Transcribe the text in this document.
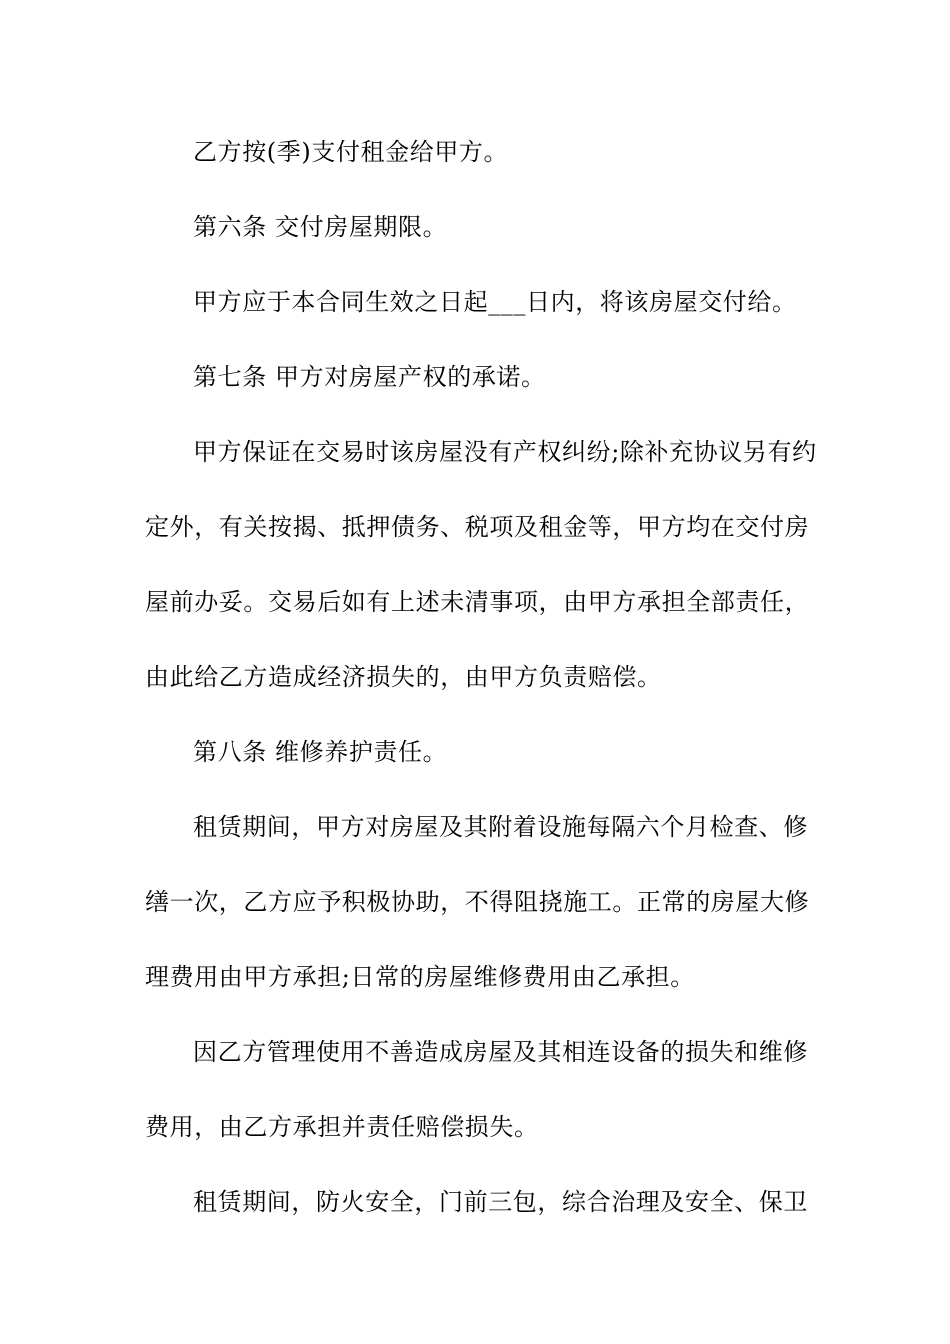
乙方按(季)支付租金给甲方。
第六条 交付房屋期限。
甲方应于本合同生效之日起___日内，将该房屋交付给。
第七条 甲方对房屋产权的承诺。
甲方保证在交易时该房屋没有产权纠纷;除补充协议另有约
定外，有关按揭、抵押债务、税项及租金等，甲方均在交付房
屋前办妥。交易后如有上述未清事项，由甲方承担全部责任，
由此给乙方造成经济损失的，由甲方负责赔偿。
第八条 维修养护责任。
租赁期间，甲方对房屋及其附着设施每隔六个月检查、修
缮一次，乙方应予积极协助，不得阻挠施工。正常的房屋大修
理费用由甲方承担;日常的房屋维修费用由乙承担。
因乙方管理使用不善造成房屋及其相连设备的损失和维修
费用，由乙方承担并责任赔偿损失。
租赁期间，防火安全，门前三包，综合治理及安全、保卫
